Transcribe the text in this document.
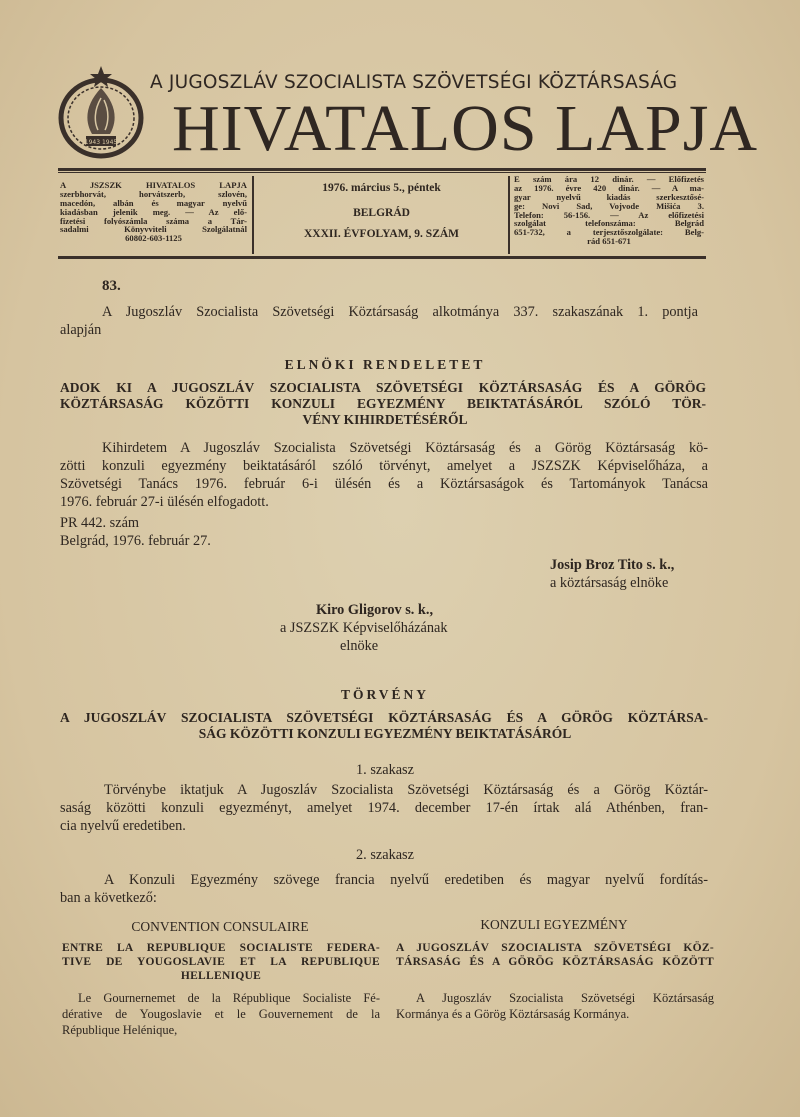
1943 1945
A JUGOSZLÁV SZOCIALISTA SZÖVETSÉGI KÖZTÁRSASÁG
HIVATALOS LAPJA
A JSZSZK HIVATALOS LAPJA
szerbhorvát, horvátszerb, szlovén,
macedón, albán és magyar nyelvű
kiadásban jelenik meg. — Az elő-
fizetési folyószámla száma a Tár-
sadalmi Könyvviteli Szolgálatnál
60802-603-1125
1976. március 5., péntek
BELGRÁD
XXXII. ÉVFOLYAM, 9. SZÁM
E szám ára 12 dinár. — Előfizetés
az 1976. évre 420 dinár. — A ma-
gyar nyelvű kiadás szerkesztősé-
ge: Novi Sad, Vojvode Mišića 3.
Telefon: 56-156. — Az előfizetési
szolgálat telefonszáma: Belgrád
651-732, a terjesztőszolgálate: Belg-
rád 651-671
83.
A Jugoszláv Szocialista Szövetségi Köztársaság alkotmánya 337. szakaszának 1. pontja
alapján
ELNÖKI RENDELETET
ADOK KI A JUGOSZLÁV SZOCIALISTA SZÖVETSÉGI KÖZTÁRSASÁG ÉS A GÖRÖG
KÖZTÁRSASÁG KÖZÖTTI KONZULI EGYEZMÉNY BEIKTATÁSÁRÓL SZÓLÓ TÖR-
VÉNY KIHIRDETÉSÉRŐL
Kihirdetem A Jugoszláv Szocialista Szövetségi Köztársaság és a Görög Köztársaság kö-
zötti konzuli egyezmény beiktatásáról szóló törvényt, amelyet a JSZSZK Képviselőháza, a
Szövetségi Tanács 1976. február 6-i ülésén és a Köztársaságok és Tartományok Tanácsa
1976. február 27-i ülésén elfogadott.
PR 442. szám
Belgrád, 1976. február 27.
Josip Broz Tito s. k.,
a köztársaság elnöke
Kiro Gligorov s. k.,
a JSZSZK Képviselőházának
elnöke
TÖRVÉNY
A JUGOSZLÁV SZOCIALISTA SZÖVETSÉGI KÖZTÁRSASÁG ÉS A GÖRÖG KÖZTÁRSA-
SÁG KÖZÖTTI KONZULI EGYEZMÉNY BEIKTATÁSÁRÓL
1. szakasz
Törvénybe iktatjuk A Jugoszláv Szocialista Szövetségi Köztársaság és a Görög Köztár-
saság közötti konzuli egyezményt, amelyet 1974. december 17-én írtak alá Athénben, fran-
cia nyelvű eredetiben.
2. szakasz
A Konzuli Egyezmény szövege francia nyelvű eredetiben és magyar nyelvű fordítás-
ban a következő:
CONVENTION CONSULAIRE
ENTRE LA REPUBLIQUE SOCIALISTE FEDERA-
TIVE DE YOUGOSLAVIE ET LA REPUBLIQUE
HELLENIQUE
Le Gournernemet de la République Socialiste Fé-
dérative de Yougoslavie et le Gouvernement de la
République Helénique,
KONZULI EGYEZMÉNY
A JUGOSZLÁV SZOCIALISTA SZÖVETSÉGI KÖZ-
TÁRSASÁG ÉS A GÖRÖG KÖZTÁRSASÁG KÖZÖTT
A Jugoszláv Szocialista Szövetségi Köztársaság
Kormánya és a Görög Köztársaság Kormánya.
